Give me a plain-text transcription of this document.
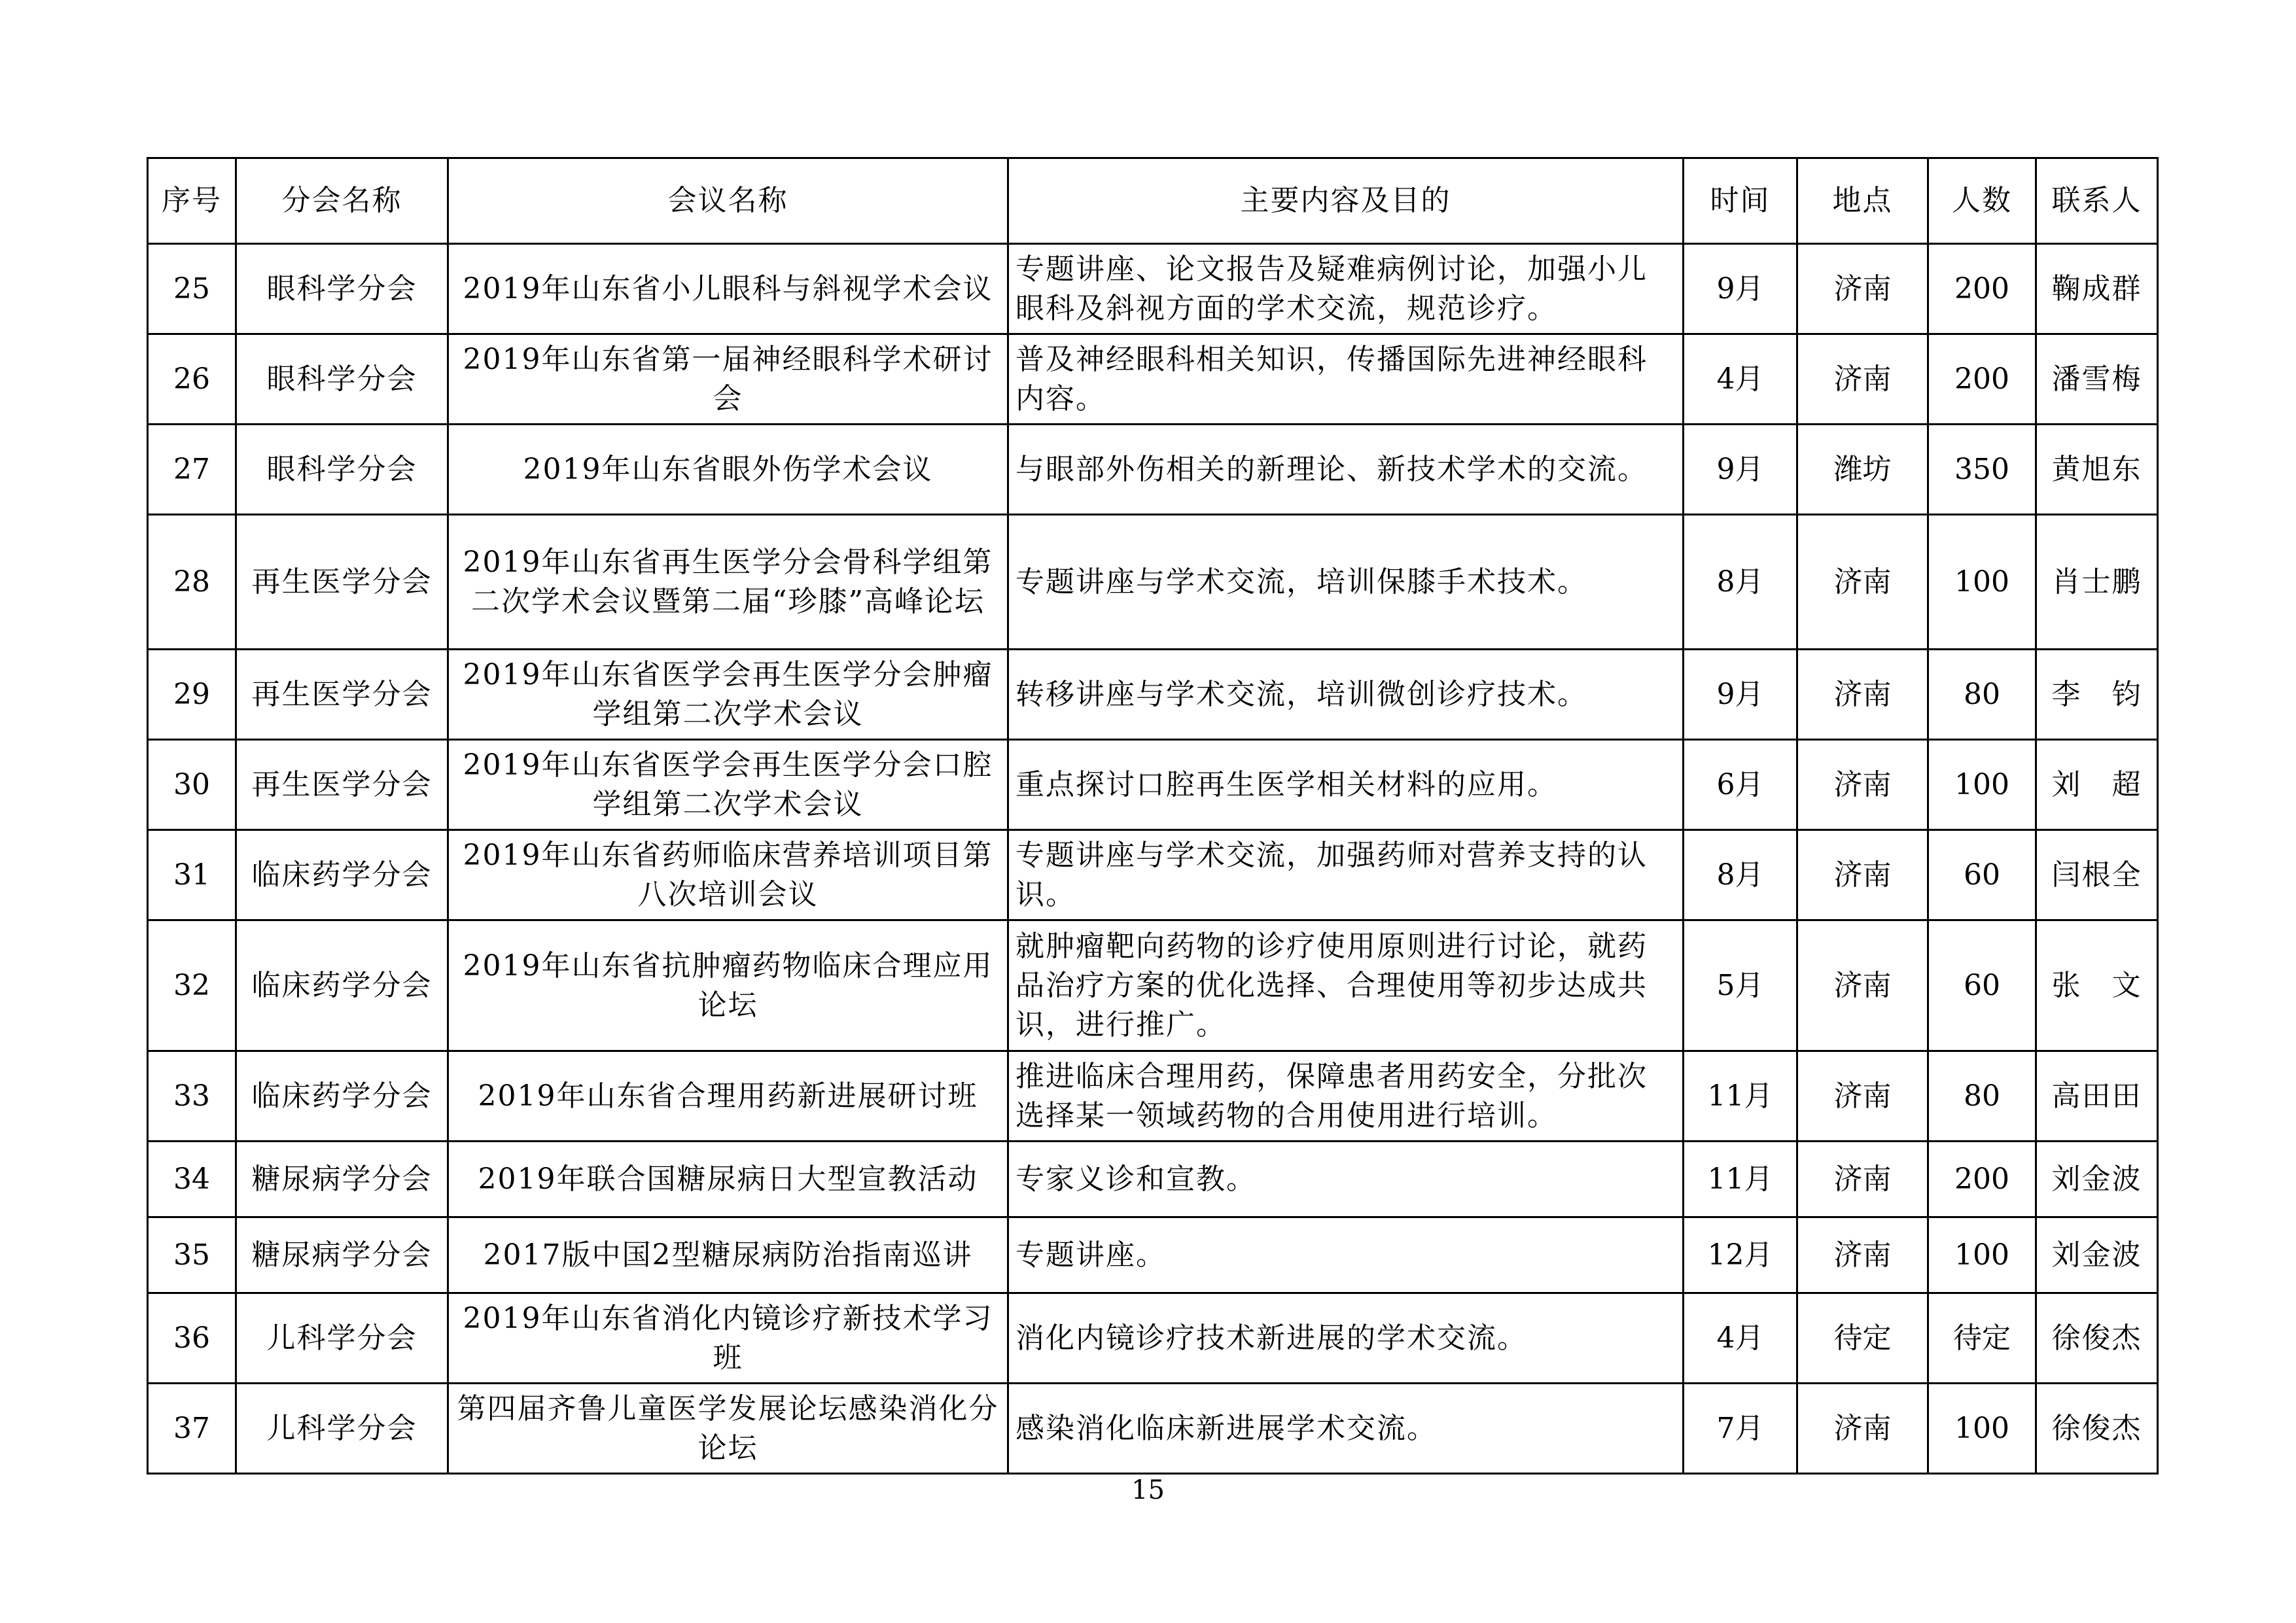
序号	分会名称	会议名称	主要内容及目的	时间	地点	人数	联系人
25	眼科学分会	2019年山东省小儿眼科与斜视学术会议	专题讲座、论文报告及疑难病例讨论，加强小儿眼科及斜视方面的学术交流，规范诊疗。	9月	济南	200	鞠成群
26	眼科学分会	2019年山东省第一届神经眼科学术研讨会	普及神经眼科相关知识，传播国际先进神经眼科内容。	4月	济南	200	潘雪梅
27	眼科学分会	2019年山东省眼外伤学术会议	与眼部外伤相关的新理论、新技术学术的交流。	9月	潍坊	350	黄旭东
28	再生医学分会	2019年山东省再生医学分会骨科学组第二次学术会议暨第二届“珍膝”高峰论坛	专题讲座与学术交流，培训保膝手术技术。	8月	济南	100	肖士鹏
29	再生医学分会	2019年山东省医学会再生医学分会肿瘤学组第二次学术会议	转移讲座与学术交流，培训微创诊疗技术。	9月	济南	80	李　钧
30	再生医学分会	2019年山东省医学会再生医学分会口腔学组第二次学术会议	重点探讨口腔再生医学相关材料的应用。	6月	济南	100	刘　超
31	临床药学分会	2019年山东省药师临床营养培训项目第八次培训会议	专题讲座与学术交流，加强药师对营养支持的认识。	8月	济南	60	闫根全
32	临床药学分会	2019年山东省抗肿瘤药物临床合理应用论坛	就肿瘤靶向药物的诊疗使用原则进行讨论，就药品治疗方案的优化选择、合理使用等初步达成共识，进行推广。	5月	济南	60	张　文
33	临床药学分会	2019年山东省合理用药新进展研讨班	推进临床合理用药，保障患者用药安全，分批次选择某一领域药物的合用使用进行培训。	11月	济南	80	高田田
34	糖尿病学分会	2019年联合国糖尿病日大型宣教活动	专家义诊和宣教。	11月	济南	200	刘金波
35	糖尿病学分会	2017版中国2型糖尿病防治指南巡讲	专题讲座。	12月	济南	100	刘金波
36	儿科学分会	2019年山东省消化内镜诊疗新技术学习班	消化内镜诊疗技术新进展的学术交流。	4月	待定	待定	徐俊杰
37	儿科学分会	第四届齐鲁儿童医学发展论坛感染消化分论坛	感染消化临床新进展学术交流。	7月	济南	100	徐俊杰
15
